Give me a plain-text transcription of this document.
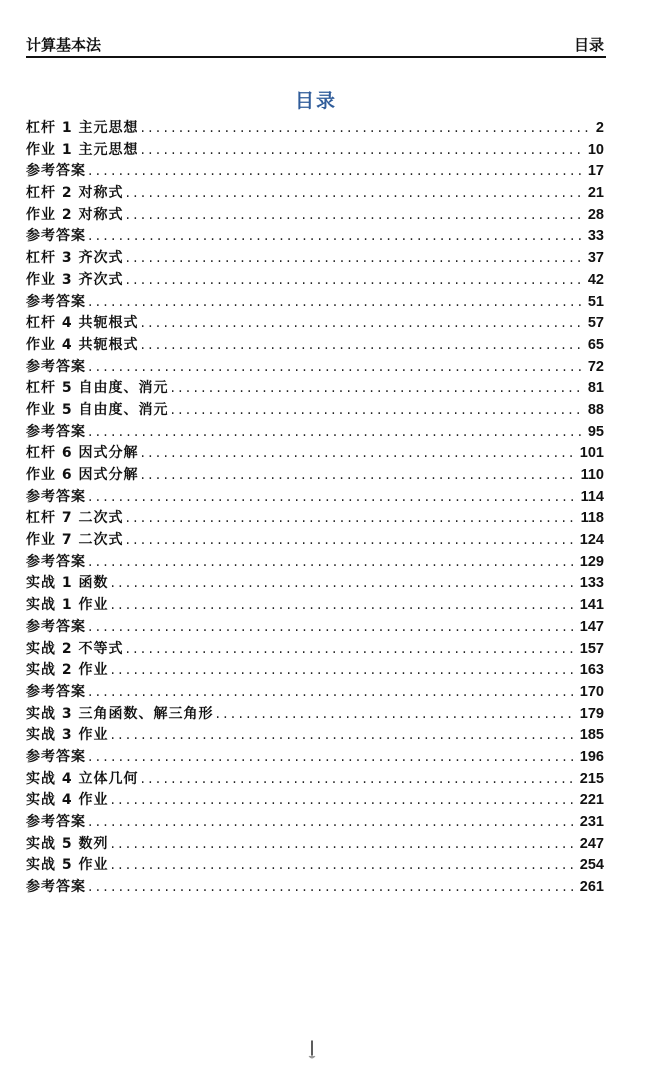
计算基本法	目录
目录
杠杆 1 主元思想 .....	2
作业 1 主元思想 .....	10
参考答案 .....	17
杠杆 2 对称式 .....	21
作业 2 对称式 .....	28
参考答案 .....	33
杠杆 3 齐次式 .....	37
作业 3 齐次式 .....	42
参考答案 .....	51
杠杆 4 共轭根式 .....	57
作业 4 共轭根式 .....	65
参考答案 .....	72
杠杆 5 自由度、消元 .....	81
作业 5 自由度、消元 .....	88
参考答案 .....	95
杠杆 6 因式分解 .....	101
作业 6 因式分解 .....	110
参考答案 .....	114
杠杆 7 二次式 .....	118
作业 7 二次式 .....	124
参考答案 .....	129
实战 1 函数 .....	133
实战 1 作业 .....	141
参考答案 .....	147
实战 2 不等式 .....	157
实战 2 作业 .....	163
参考答案 .....	170
实战 3 三角函数、解三角形 .....	179
实战 3 作业 .....	185
参考答案 .....	196
实战 4 立体几何 .....	215
实战 4 作业 .....	221
参考答案 .....	231
实战 5 数列 .....	247
实战 5 作业 .....	254
参考答案 .....	261
